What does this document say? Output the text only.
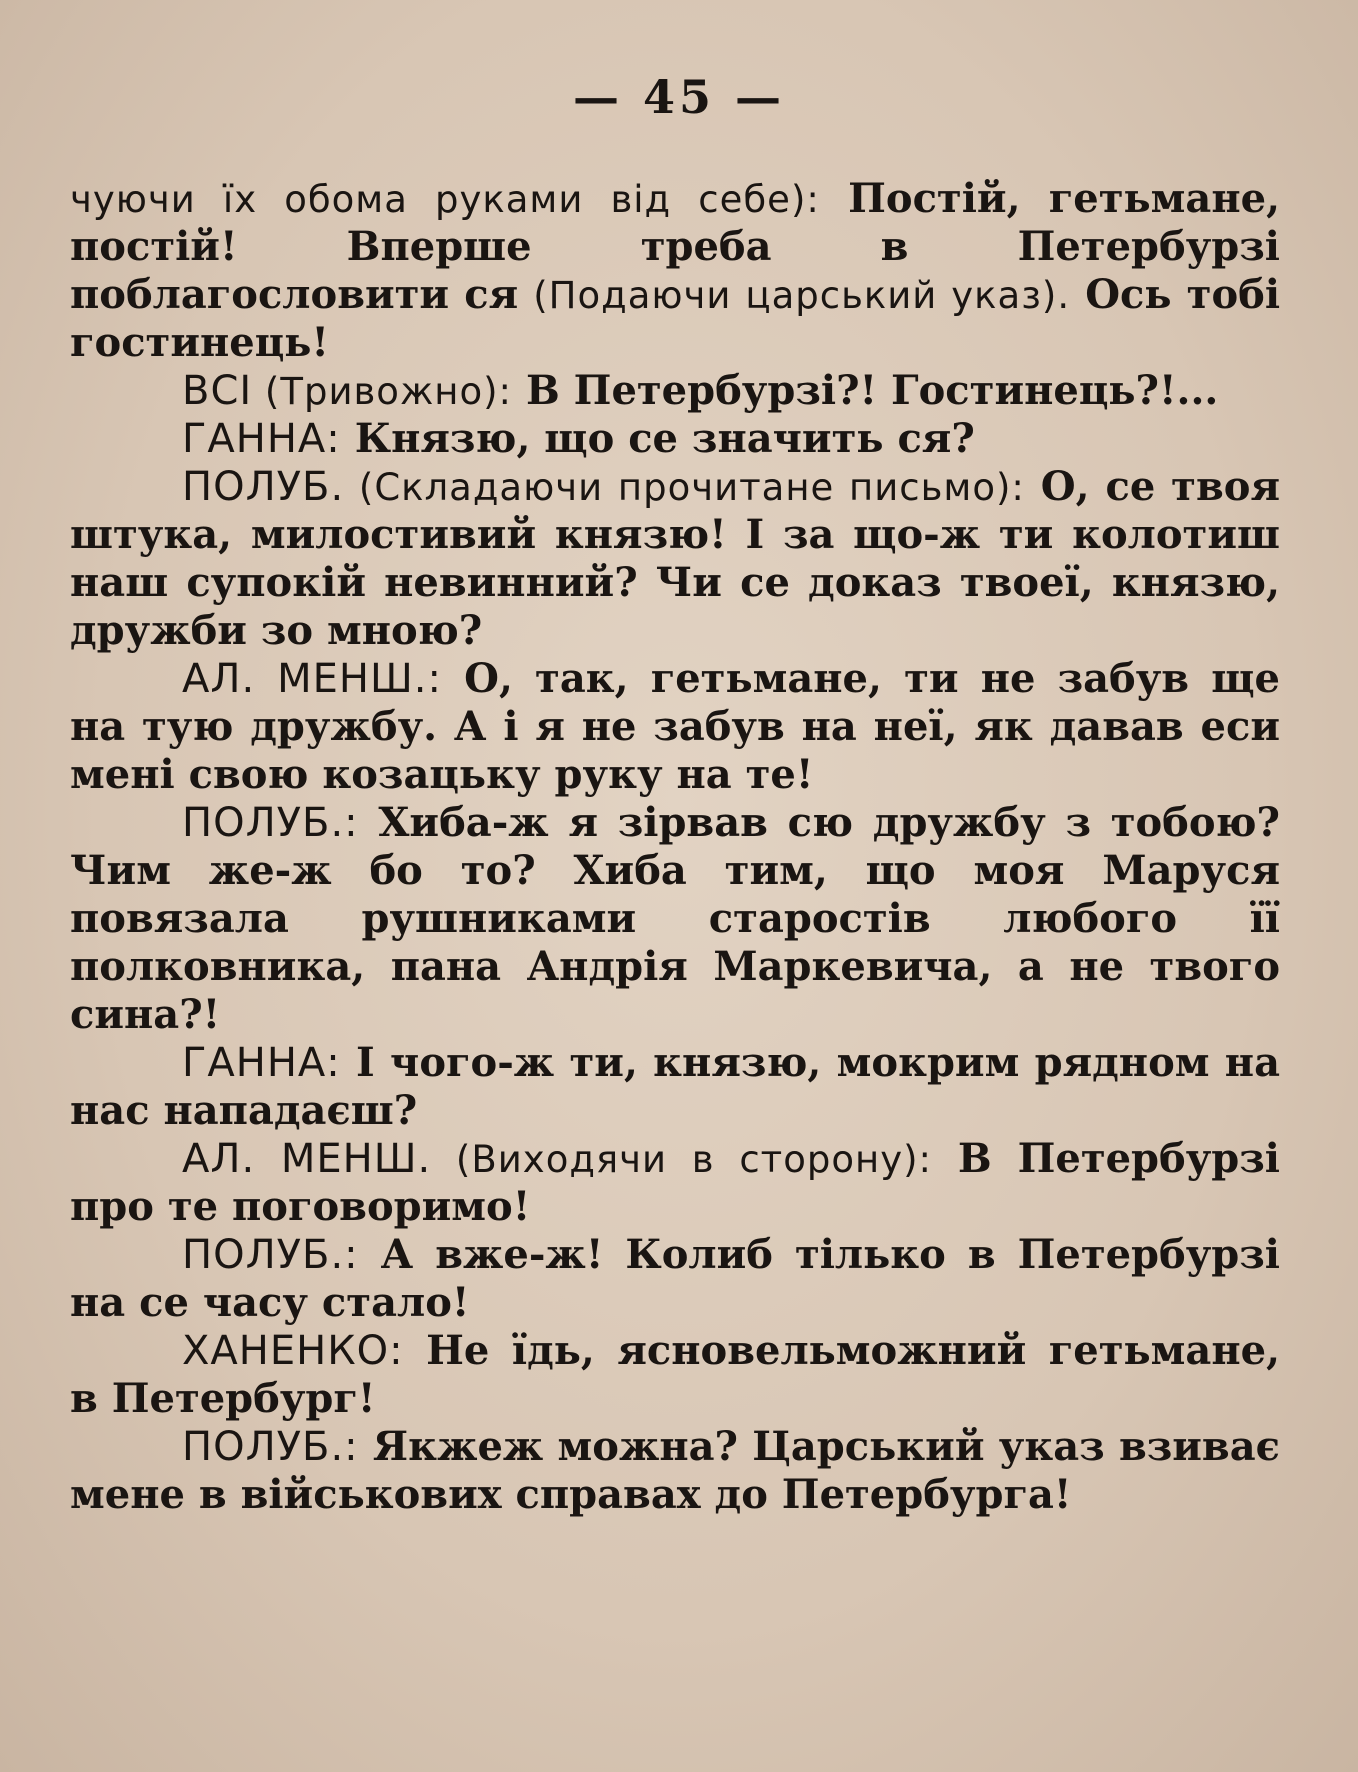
— 45 —

чуючи їх обома руками від себе): Постій, гетьмане, постій! Вперше треба в Петербурзі поблагословити ся (Подаючи царський указ). Ось тобі гостинець!

ВСІ (Тривожно): В Петербурзі?! Гостинець?!...

ГАННА: Князю, що се значить ся?

ПОЛУБ. (Складаючи прочитане письмо): О, се твоя штука, милостивий князю! І за що-ж ти колотиш наш супокій невинний? Чи се доказ твоеї, князю, дружби зо мною?

АЛ. МЕНШ.: О, так, гетьмане, ти не забув ще на тую дружбу. А і я не забув на неї, як давав еси мені свою козацьку руку на те!

ПОЛУБ.: Хиба-ж я зірвав сю дружбу з тобою? Чим же-ж бо то? Хиба тим, що моя Маруся повязала рушниками старостів любого її полковника, пана Андрія Маркевича, а не твого сина?!

ГАННА: І чого-ж ти, князю, мокрим рядном на нас нападаєш?

АЛ. МЕНШ. (Виходячи в сторону): В Петербурзі про те поговоримо!

ПОЛУБ.: А вже-ж! Колиб тілько в Петербурзі на се часу стало!

ХАНЕНКО: Не їдь, ясновельможний гетьмане, в Петербург!

ПОЛУБ.: Якжеж можна? Царський указ взиває мене в військових справах до Петербурга!
